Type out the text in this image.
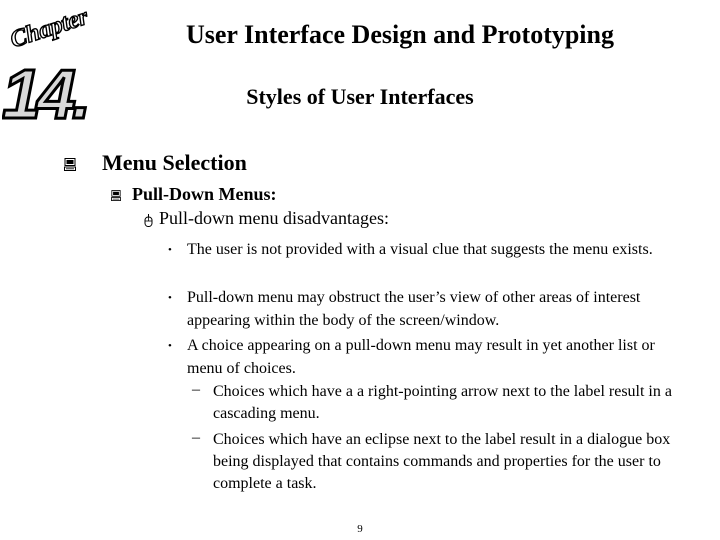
Chapter
14.
User Interface Design and Prototyping
Styles of User Interfaces
Menu Selection
Pull-Down Menus:
Pull-down menu disadvantages:
• The user is not provided with a visual clue that suggests the menu exists.
• Pull-down menu may obstruct the user’s view of other areas of interest appearing within the body of the screen/window.
• A choice appearing on a pull-down menu may result in yet another list or menu of choices.
– Choices which have a a right-pointing arrow next to the label result in a cascading menu.
– Choices which have an eclipse next to the label result in a dialogue box being displayed that contains commands and properties for the user to complete a task.
9
